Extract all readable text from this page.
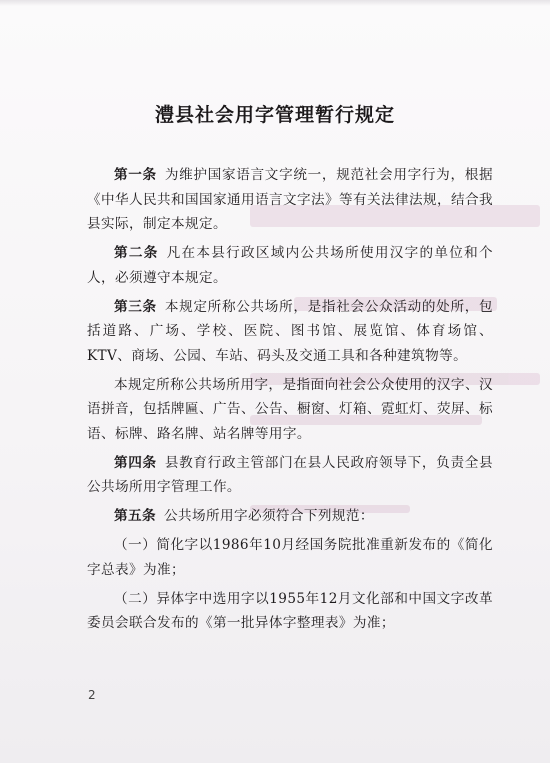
澧县社会用字管理暂行规定

第一条 为维护国家语言文字统一，规范社会用字行为，根据《中华人民共和国国家通用语言文字法》等有关法律法规，结合我县实际，制定本规定。

第二条 凡在本县行政区域内公共场所使用汉字的单位和个人，必须遵守本规定。

第三条 本规定所称公共场所，是指社会公众活动的处所，包括道路、广场、学校、医院、图书馆、展览馆、体育场馆、KTV、商场、公园、车站、码头及交通工具和各种建筑物等。

本规定所称公共场所用字，是指面向社会公众使用的汉字、汉语拼音，包括牌匾、广告、公告、橱窗、灯箱、霓虹灯、荧屏、标语、标牌、路名牌、站名牌等用字。

第四条 县教育行政主管部门在县人民政府领导下，负责全县公共场所用字管理工作。

第五条 公共场所用字必须符合下列规范：

（一）简化字以1986年10月经国务院批准重新发布的《简化字总表》为准；

（二）异体字中选用字以1955年12月文化部和中国文字改革委员会联合发布的《第一批异体字整理表》为准；

2
